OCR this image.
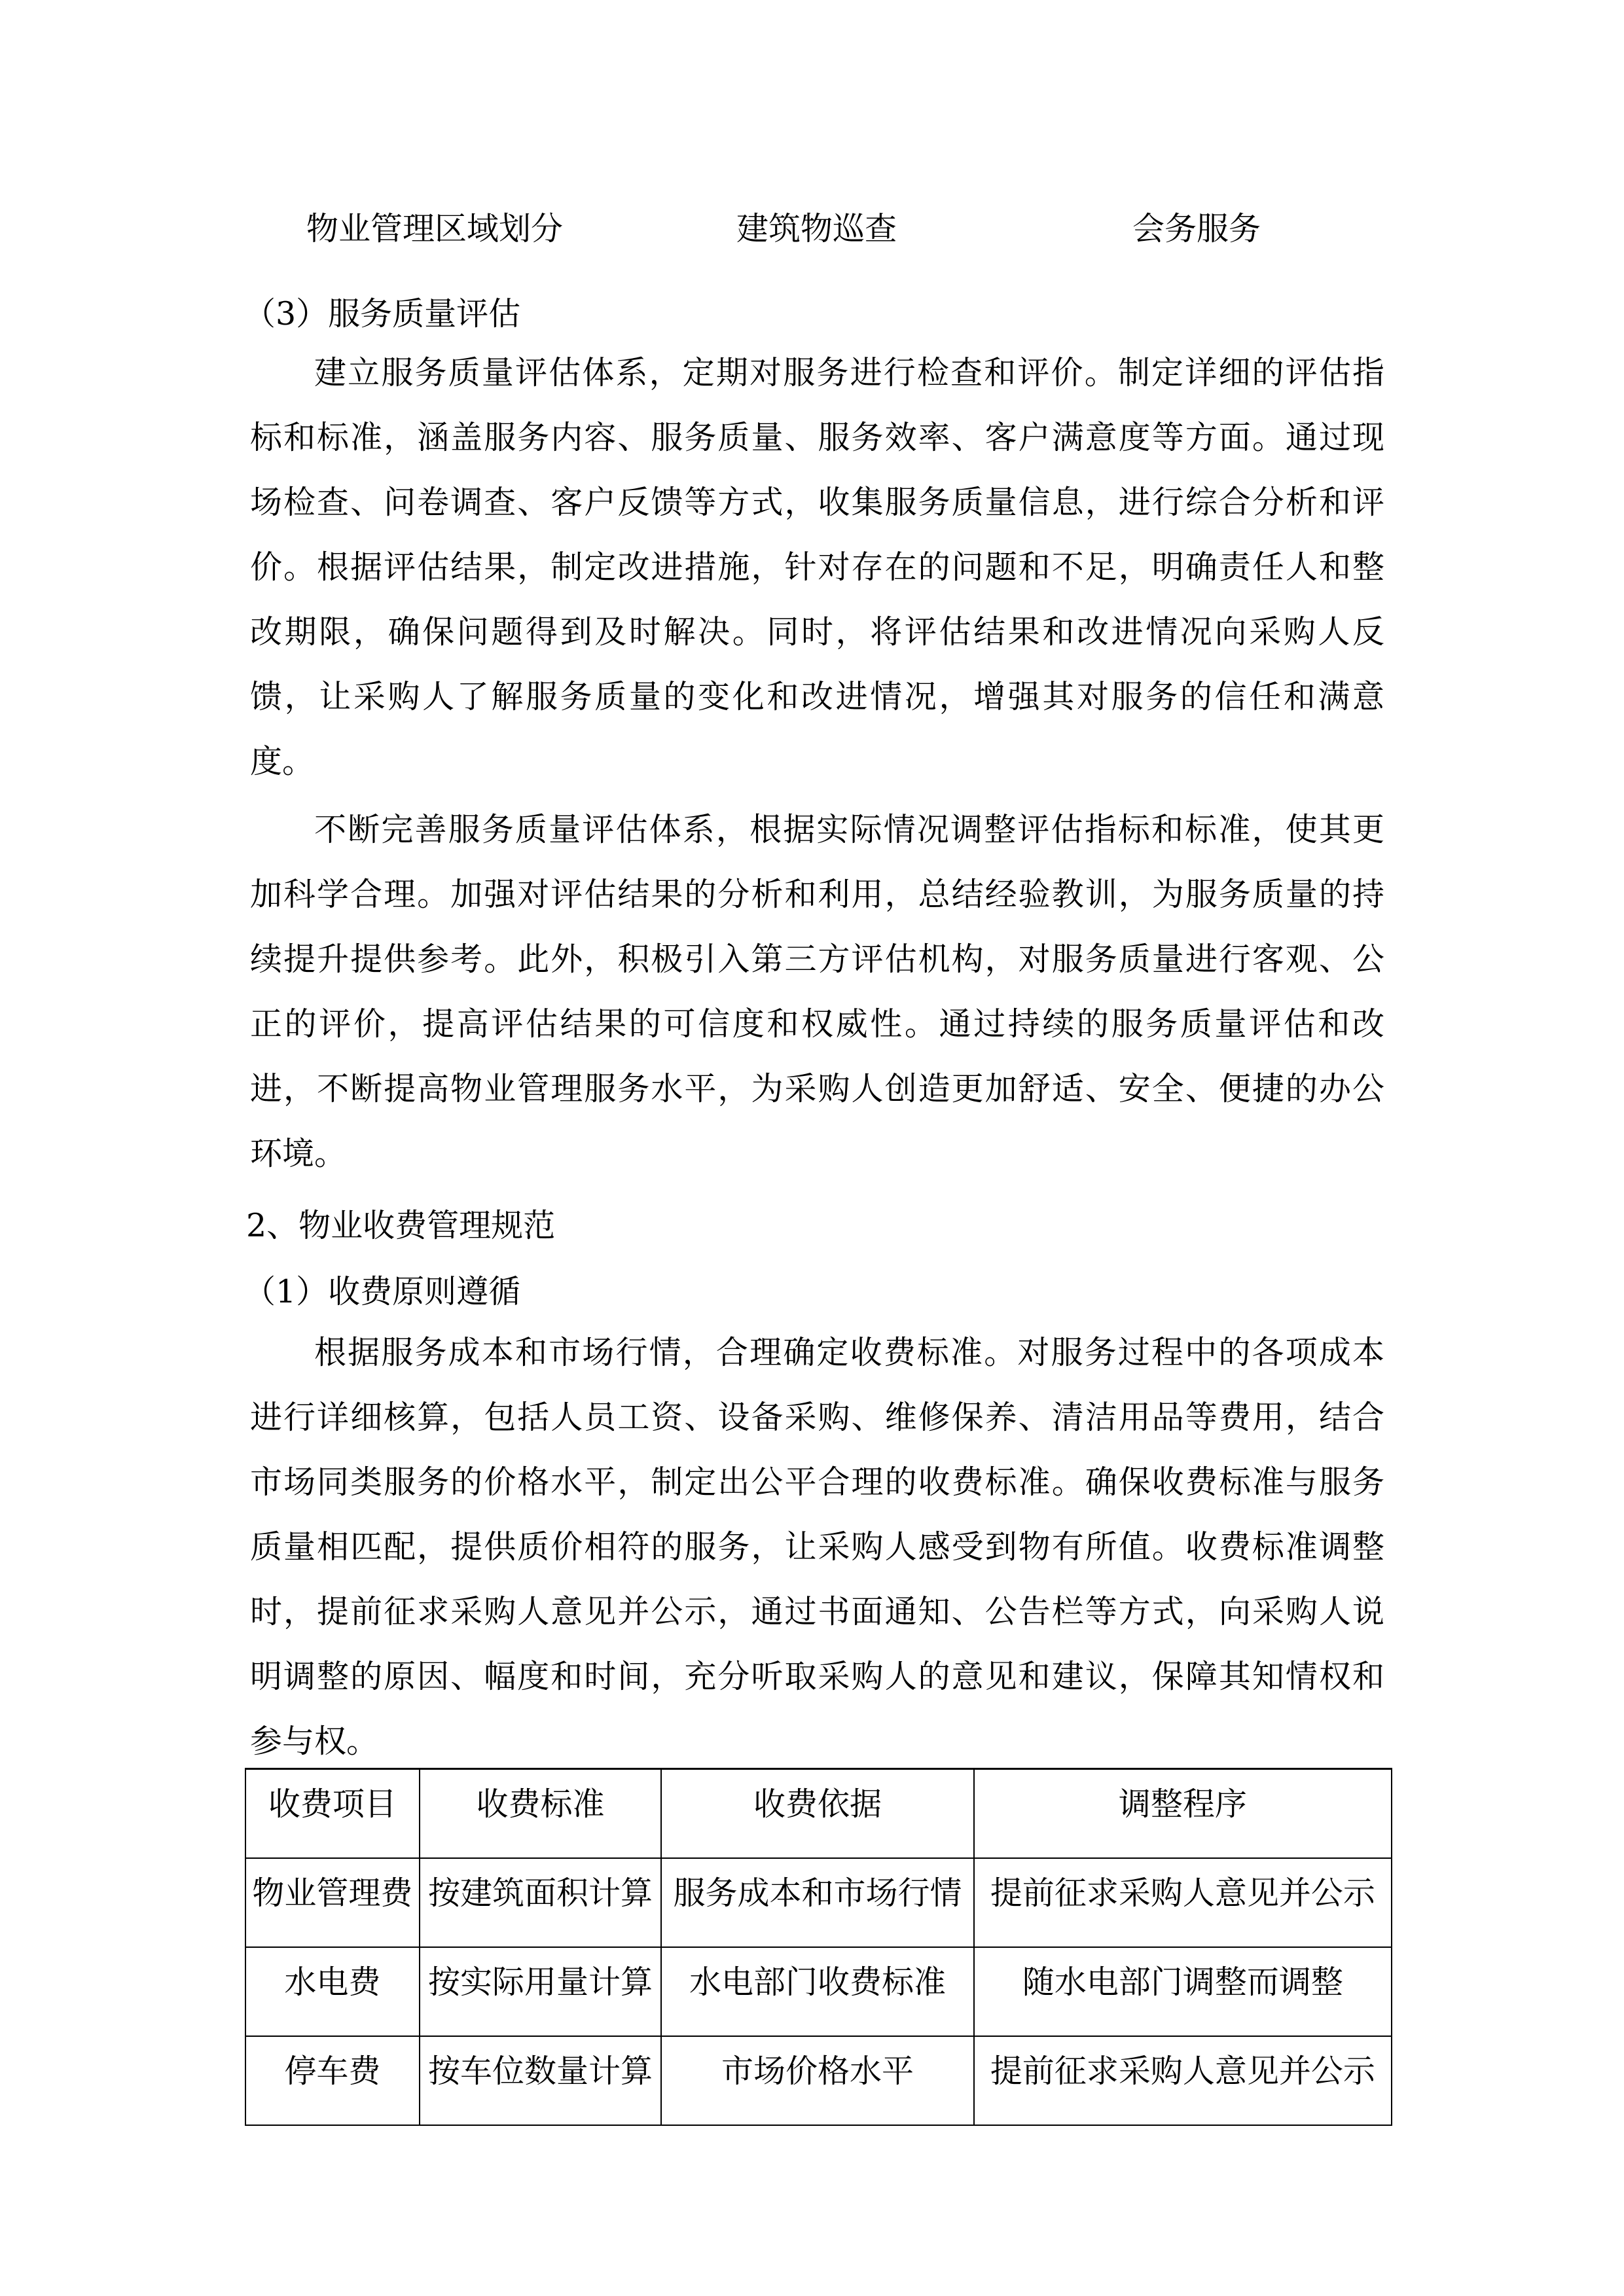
物业管理区域划分	建筑物巡查	会务服务
（3）服务质量评估
建立服务质量评估体系，定期对服务进行检查和评价。制定详细的评估指
标和标准，涵盖服务内容、服务质量、服务效率、客户满意度等方面。通过现
场检查、问卷调查、客户反馈等方式，收集服务质量信息，进行综合分析和评
价。根据评估结果，制定改进措施，针对存在的问题和不足，明确责任人和整
改期限，确保问题得到及时解决。同时，将评估结果和改进情况向采购人反
馈，让采购人了解服务质量的变化和改进情况，增强其对服务的信任和满意
度。
不断完善服务质量评估体系，根据实际情况调整评估指标和标准，使其更
加科学合理。加强对评估结果的分析和利用，总结经验教训，为服务质量的持
续提升提供参考。此外，积极引入第三方评估机构，对服务质量进行客观、公
正的评价，提高评估结果的可信度和权威性。通过持续的服务质量评估和改
进，不断提高物业管理服务水平，为采购人创造更加舒适、安全、便捷的办公
环境。
2、物业收费管理规范
（1）收费原则遵循
根据服务成本和市场行情，合理确定收费标准。对服务过程中的各项成本
进行详细核算，包括人员工资、设备采购、维修保养、清洁用品等费用，结合
市场同类服务的价格水平，制定出公平合理的收费标准。确保收费标准与服务
质量相匹配，提供质价相符的服务，让采购人感受到物有所值。收费标准调整
时，提前征求采购人意见并公示，通过书面通知、公告栏等方式，向采购人说
明调整的原因、幅度和时间，充分听取采购人的意见和建议，保障其知情权和
参与权。
收费项目	收费标准	收费依据	调整程序
物业管理费	按建筑面积计算	服务成本和市场行情	提前征求采购人意见并公示
水电费	按实际用量计算	水电部门收费标准	随水电部门调整而调整
停车费	按车位数量计算	市场价格水平	提前征求采购人意见并公示
